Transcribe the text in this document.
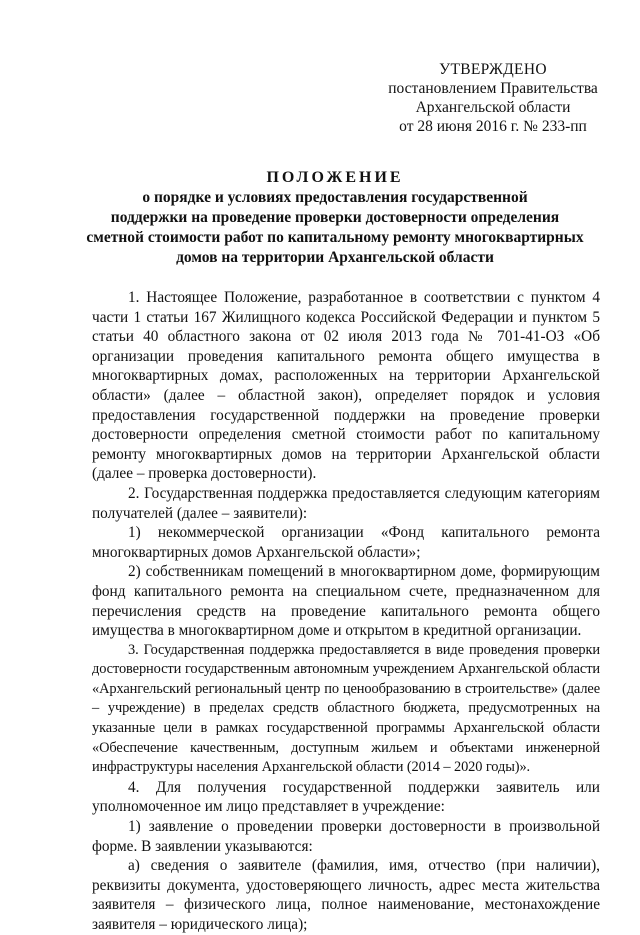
УТВЕРЖДЕНО
постановлением Правительства
Архангельской области
от 28 июня 2016 г. № 233-пп
ПОЛОЖЕНИЕ
о порядке и условиях предоставления государственной
поддержки на проведение проверки достоверности определения
сметной стоимости работ по капитальному ремонту многоквартирных
домов на территории Архангельской области

1. Настоящее Положение, разработанное в соответствии с пунктом 4 части 1 статьи 167 Жилищного кодекса Российской Федерации и пунктом 5 статьи 40 областного закона от 02 июля 2013 года № 701-41-ОЗ «Об организации проведения капитального ремонта общего имущества в многоквартирных домах, расположенных на территории Архангельской области» (далее – областной закон), определяет порядок и условия предоставления государственной поддержки на проведение проверки достоверности определения сметной стоимости работ по капитальному ремонту многоквартирных домов на территории Архангельской области (далее – проверка достоверности).

2. Государственная поддержка предоставляется следующим категориям получателей (далее – заявители):

1) некоммерческой организации «Фонд капитального ремонта многоквартирных домов Архангельской области»;

2) собственникам помещений в многоквартирном доме, формирующим фонд капитального ремонта на специальном счете, предназначенном для перечисления средств на проведение капитального ремонта общего имущества в многоквартирном доме и открытом в кредитной организации.

3. Государственная поддержка предоставляется в виде проведения проверки достоверности государственным автономным учреждением Архангельской области «Архангельский региональный центр по ценообразованию в строительстве» (далее – учреждение) в пределах средств областного бюджета, предусмотренных на указанные цели в рамках государственной программы Архангельской области «Обеспечение качественным, доступным жильем и объектами инженерной инфраструктуры населения Архангельской области (2014 – 2020 годы)».

4. Для получения государственной поддержки заявитель или уполномоченное им лицо представляет в учреждение:

1) заявление о проведении проверки достоверности в произвольной форме. В заявлении указываются:

а) сведения о заявителе (фамилия, имя, отчество (при наличии), реквизиты документа, удостоверяющего личность, адрес места жительства заявителя – физического лица, полное наименование, местонахождение заявителя – юридического лица);
